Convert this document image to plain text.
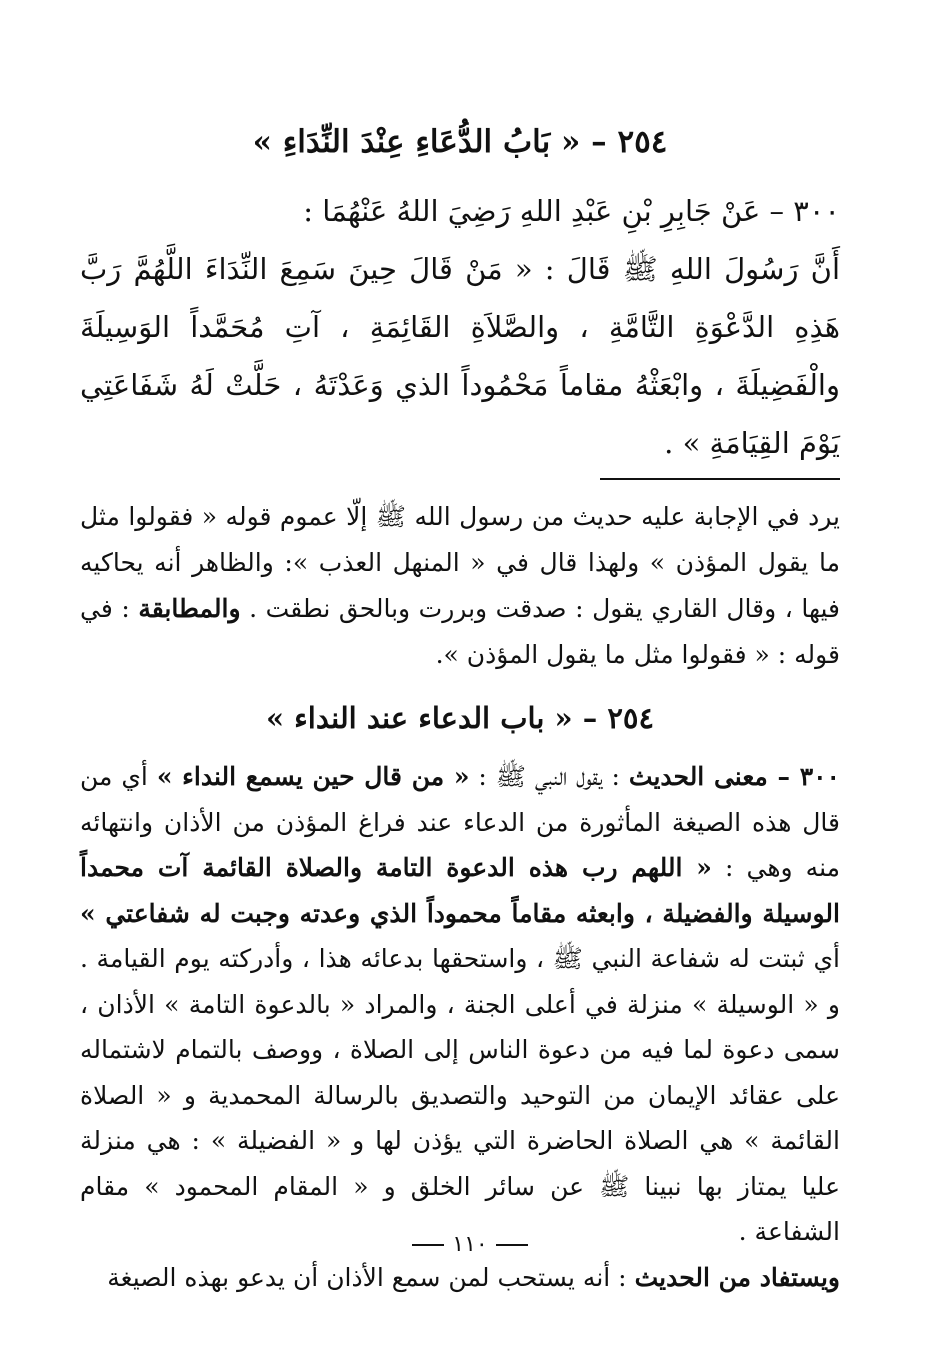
٢٥٤ – « بَابُ الدُّعَاءِ عِنْدَ النِّدَاءِ »

٣٠٠ – عَنْ جَابِرِ بْنِ عَبْدِ اللهِ رَضِيَ اللهُ عَنْهُمَا :

أَنَّ رَسُولَ اللهِ ﷺ قَالَ : « مَنْ قَالَ حِينَ سَمِعَ النِّدَاءَ اللَّهُمَّ رَبَّ هَذِهِ الدَّعْوَةِ التَّامَّةِ ، والصَّلاَةِ القَائِمَةِ ، آتِ مُحَمَّداً الوَسِيلَةَ والْفَضِيلَةَ ، وابْعَثْهُ مقاماً مَحْمُوداً الذي وَعَدْتَهُ ، حَلَّتْ لَهُ شَفَاعَتِي يَوْمَ القِيَامَةِ » .

يرد في الإجابة عليه حديث من رسول الله ﷺ إلّا عموم قوله « فقولوا مثل ما يقول المؤذن » ولهذا قال في « المنهل العذب »: والظاهر أنه يحاكيه فيها ، وقال القاري يقول : صدقت وبررت وبالحق نطقت . والمطابقة : في قوله : « فقولوا مثل ما يقول المؤذن ».

٢٥٤ – « باب الدعاء عند النداء »

٣٠٠ – معنى الحديث : يقول النبي ﷺ : « من قال حين يسمع النداء » أي من قال هذه الصيغة المأثورة من الدعاء عند فراغ المؤذن من الأذان وانتهائه منه وهي : « اللهم رب هذه الدعوة التامة والصلاة القائمة آت محمداً الوسيلة والفضيلة ، وابعثه مقاماً محموداً الذي وعدته وجبت له شفاعتي » أي ثبتت له شفاعة النبي ﷺ ، واستحقها بدعائه هذا ، وأدركته يوم القيامة . و « الوسيلة » منزلة في أعلى الجنة ، والمراد « بالدعوة التامة » الأذان ، سمى دعوة لما فيه من دعوة الناس إلى الصلاة ، ووصف بالتمام لاشتماله على عقائد الإيمان من التوحيد والتصديق بالرسالة المحمدية و « الصلاة القائمة » هي الصلاة الحاضرة التي يؤذن لها و « الفضيلة » : هي منزلة عليا يمتاز بها نبينا ﷺ عن سائر الخلق و « المقام المحمود » مقام الشفاعة .

ويستفاد من الحديث : أنه يستحب لمن سمع الأذان أن يدعو بهذه الصيغة

١١٠
